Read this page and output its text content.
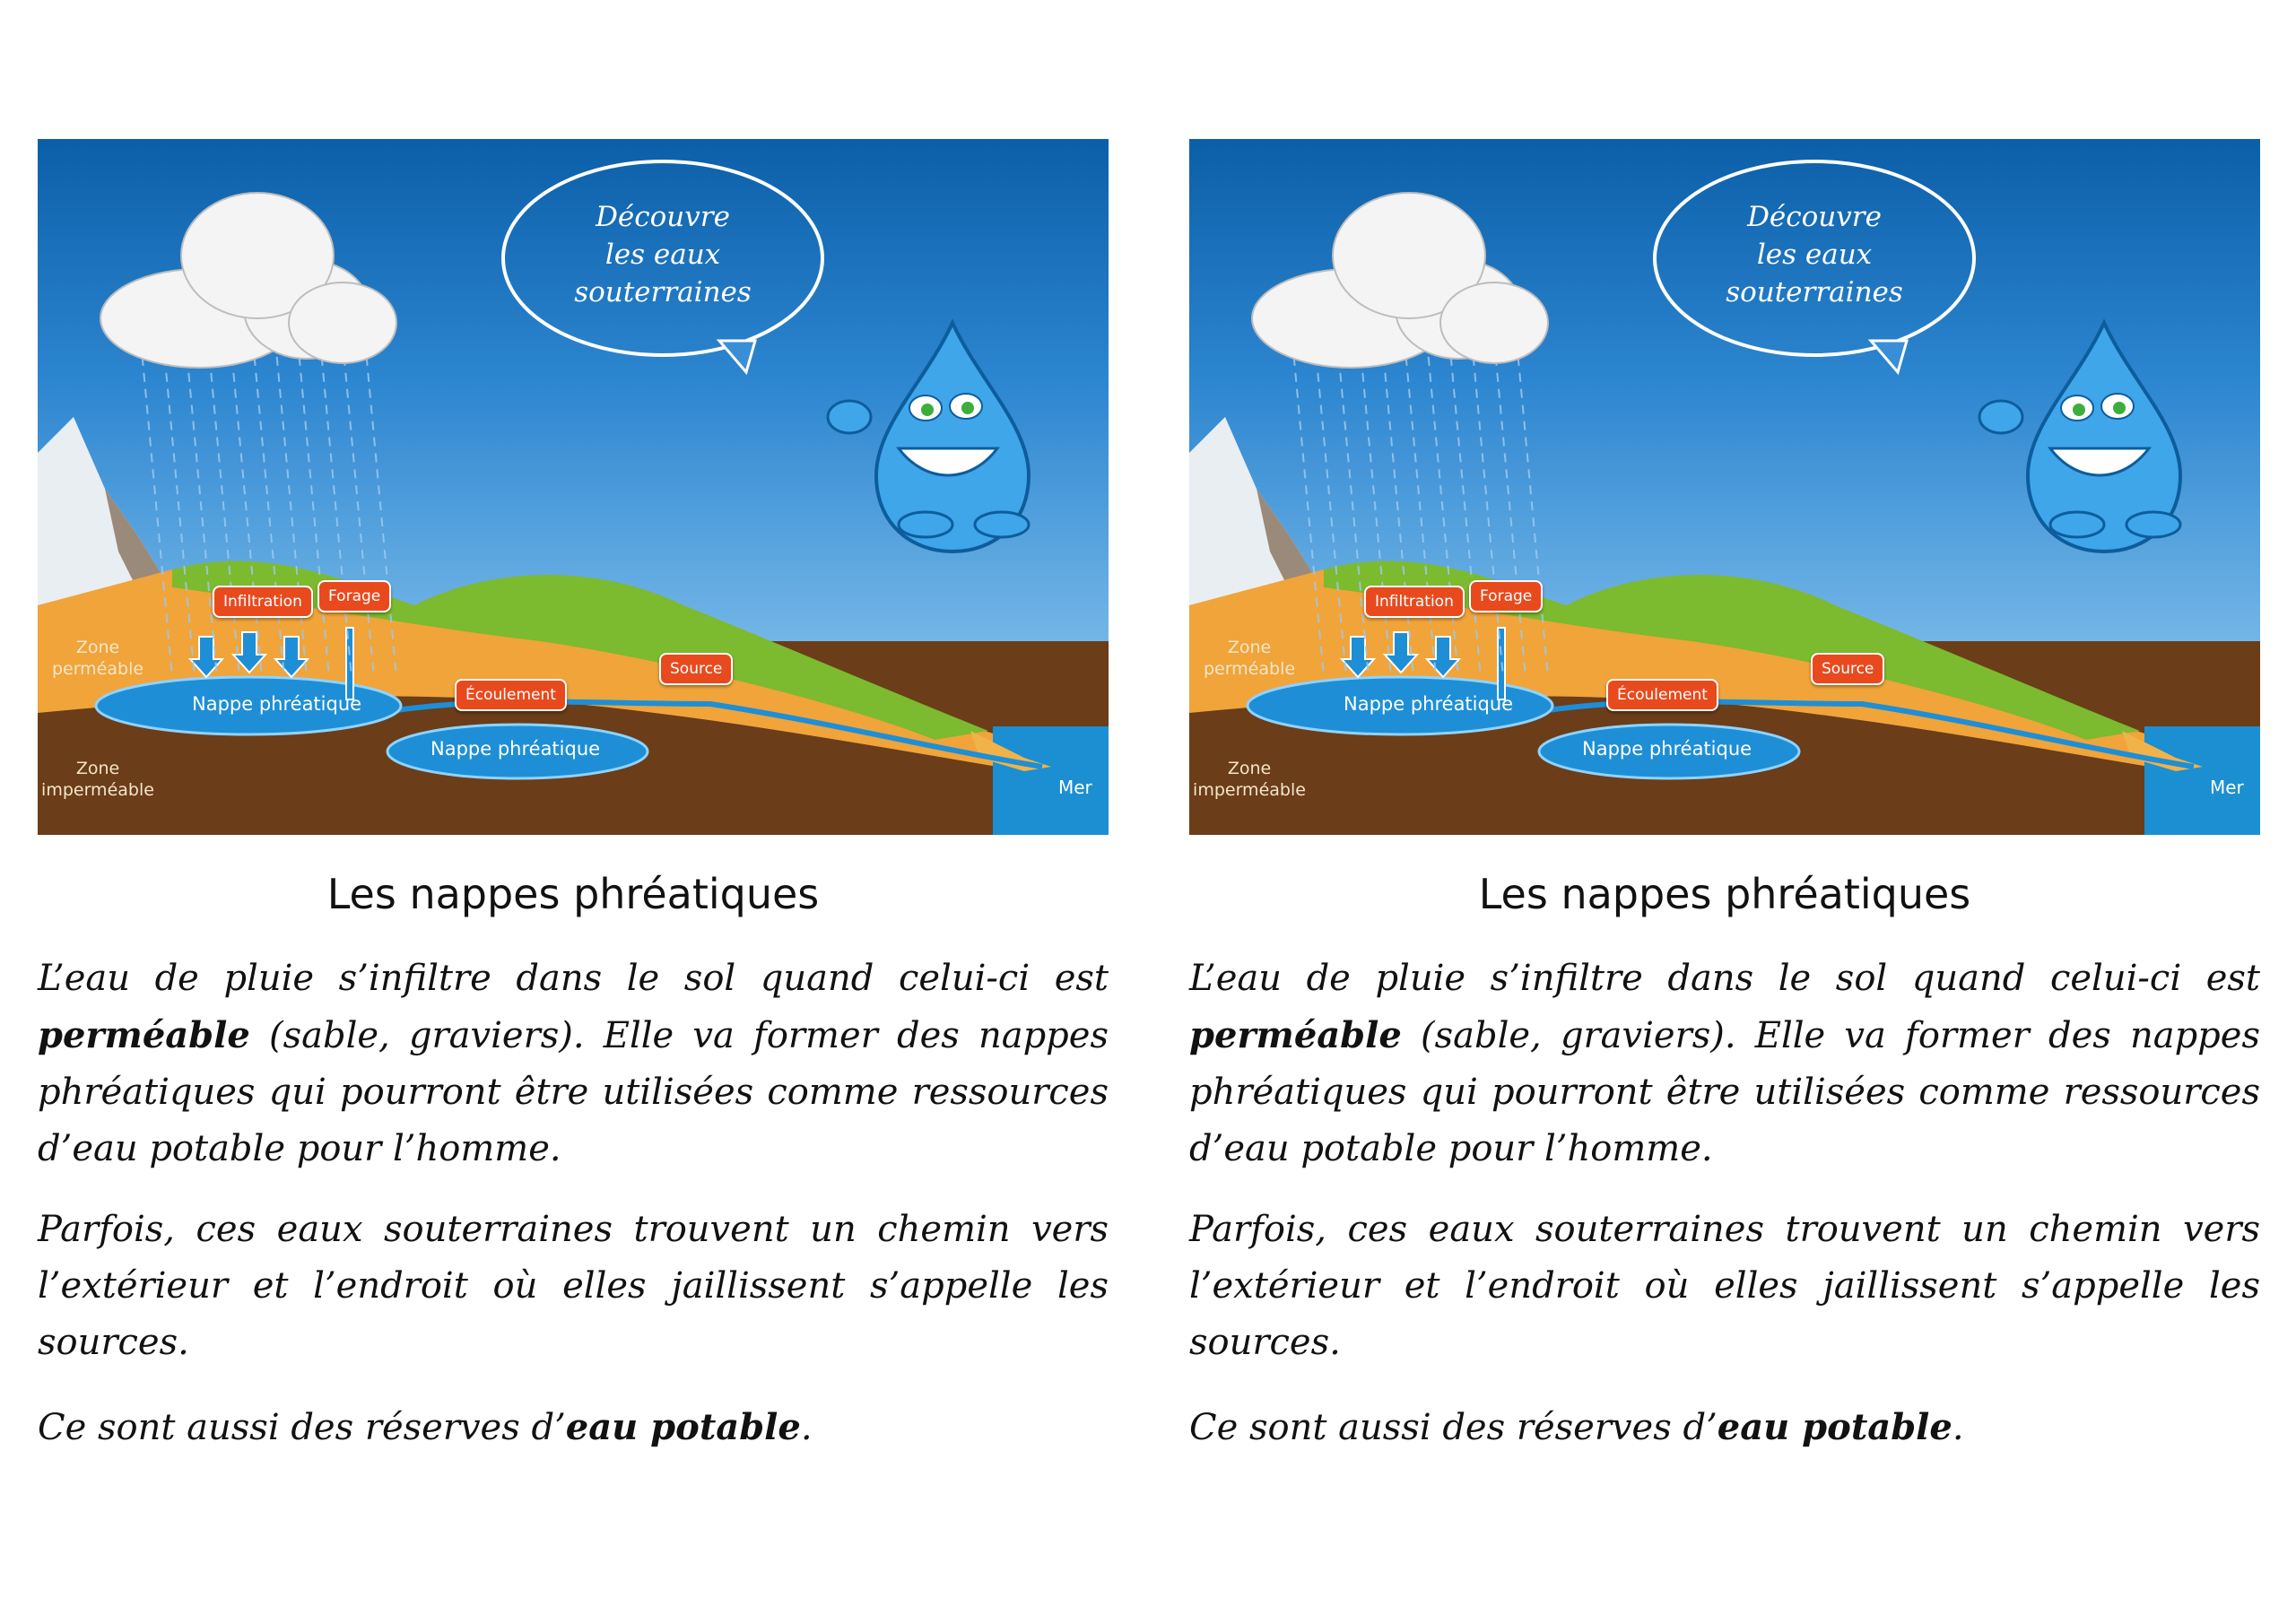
Découvre
les eaux
souterraines
Infiltration	Forage
Écoulement
Source
Zone
perméable
Zone
imperméable
Nappe phréatique
Nappe phréatique
Mer
Les nappes phréatiques

L’eau de pluie s’infiltre dans le sol quand celui-ci est perméable (sable, graviers). Elle va former des nappes phréatiques qui pourront être utilisées comme ressources d’eau potable pour l’homme.

Parfois, ces eaux souterraines trouvent un chemin vers l’extérieur et l’endroit où elles jaillissent s’appelle les sources.

Ce sont aussi des réserves d’eau potable.

Découvre
les eaux
souterraines
Infiltration	Forage
Écoulement
Source
Zone
perméable
Zone
imperméable
Nappe phréatique
Nappe phréatique
Mer
Les nappes phréatiques

L’eau de pluie s’infiltre dans le sol quand celui-ci est perméable (sable, graviers). Elle va former des nappes phréatiques qui pourront être utilisées comme ressources d’eau potable pour l’homme.

Parfois, ces eaux souterraines trouvent un chemin vers l’extérieur et l’endroit où elles jaillissent s’appelle les sources.

Ce sont aussi des réserves d’eau potable.
